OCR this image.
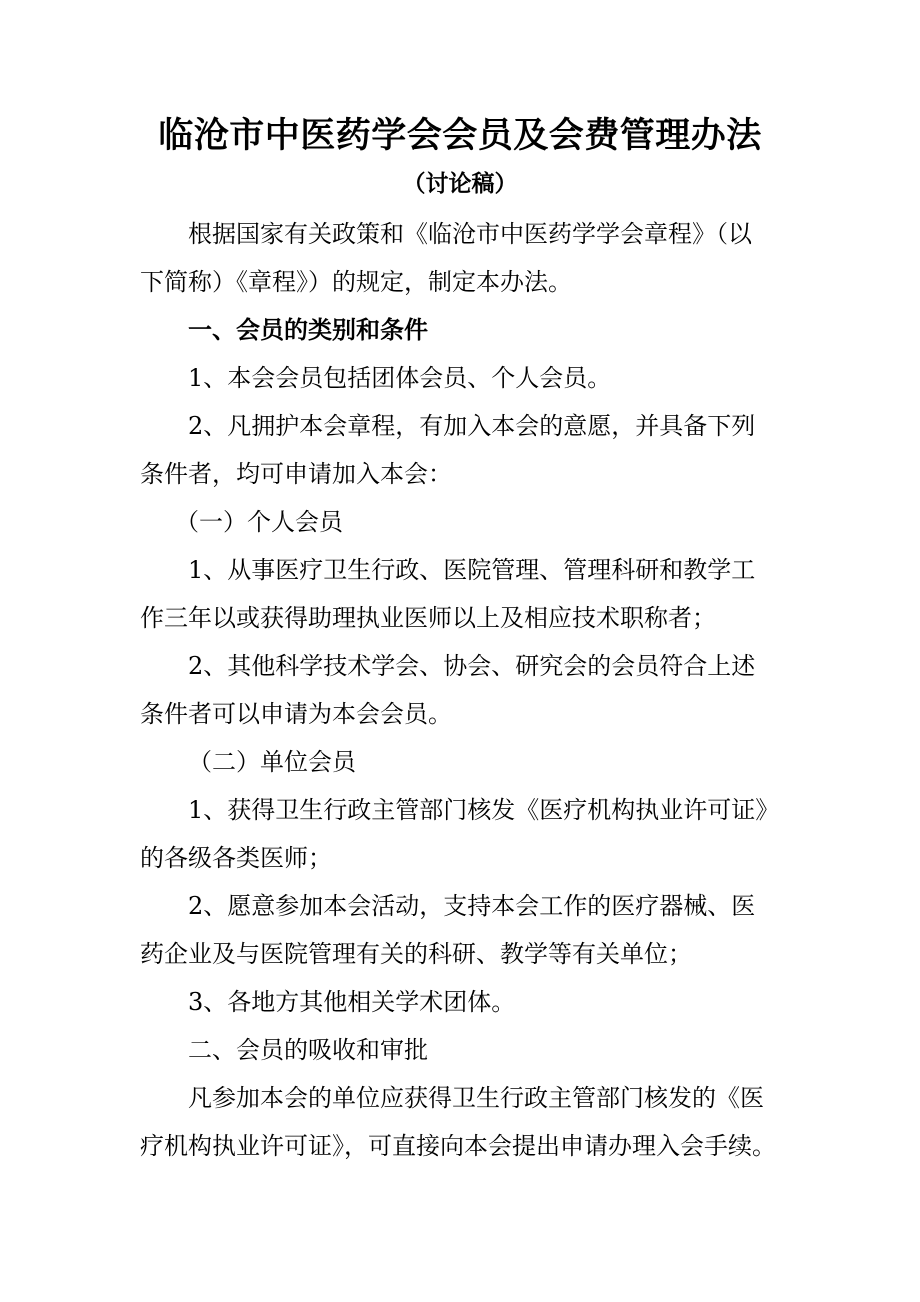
临沧市中医药学会会员及会费管理办法
（讨论稿）
根据国家有关政策和《临沧市中医药学学会章程》（以
下简称）《章程》）的规定，制定本办法。
一、会员的类别和条件
1、本会会员包括团体会员、个人会员。
2、凡拥护本会章程，有加入本会的意愿，并具备下列
条件者，均可申请加入本会：
（一）个人会员
1、从事医疗卫生行政、医院管理、管理科研和教学工
作三年以或获得助理执业医师以上及相应技术职称者；
2、其他科学技术学会、协会、研究会的会员符合上述
条件者可以申请为本会会员。
（二）单位会员
1、获得卫生行政主管部门核发《医疗机构执业许可证》
的各级各类医师；
2、愿意参加本会活动，支持本会工作的医疗器械、医
药企业及与医院管理有关的科研、教学等有关单位；
3、各地方其他相关学术团体。
二、会员的吸收和审批
凡参加本会的单位应获得卫生行政主管部门核发的《医
疗机构执业许可证》，可直接向本会提出申请办理入会手续。
